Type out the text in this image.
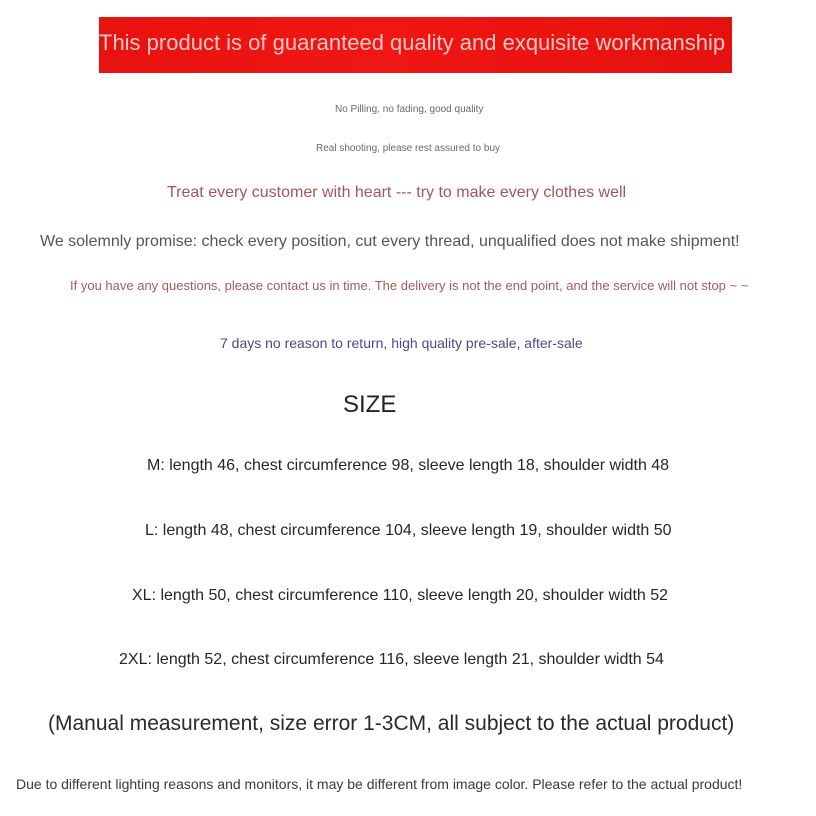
This product is of guaranteed quality and exquisite workmanship
No Pilling, no fading, good quality
Real shooting, please rest assured to buy
Treat every customer with heart --- try to make every clothes well
We solemnly promise: check every position, cut every thread, unqualified does not make shipment!
If you have any questions, please contact us in time. The delivery is not the end point, and the service will not stop ~ ~
7 days no reason to return, high quality pre-sale, after-sale
SIZE
M: length 46, chest circumference 98, sleeve length 18, shoulder width 48
L: length 48, chest circumference 104, sleeve length 19, shoulder width 50
XL: length 50, chest circumference 110, sleeve length 20, shoulder width 52
2XL: length 52, chest circumference 116, sleeve length 21, shoulder width 54
(Manual measurement, size error 1-3CM, all subject to the actual product)
Due to different lighting reasons and monitors, it may be different from image color. Please refer to the actual product!
